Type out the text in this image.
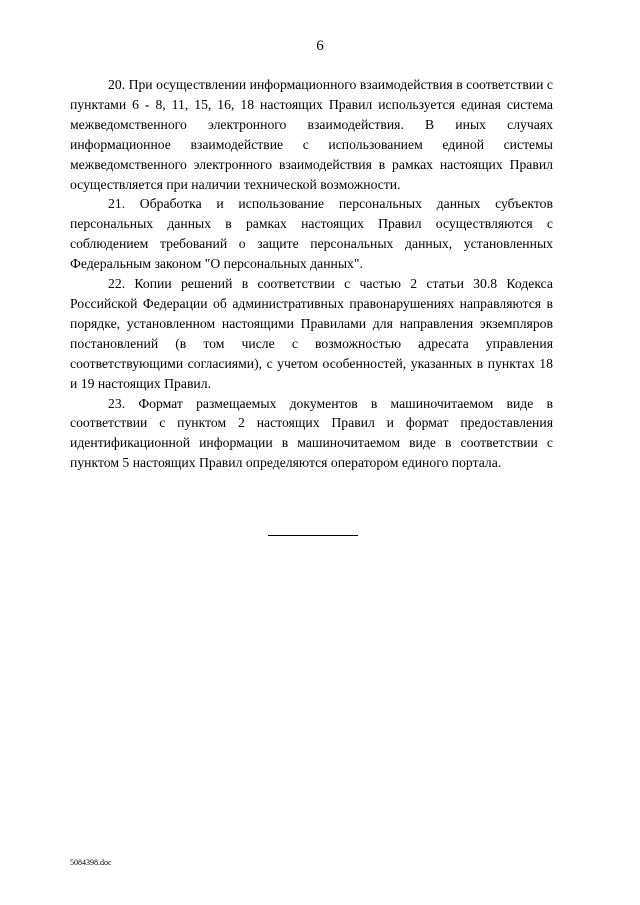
6

20. При осуществлении информационного взаимодействия в соответствии с пунктами 6 - 8, 11, 15, 16, 18 настоящих Правил используется единая система межведомственного электронного взаимодействия. В иных случаях информационное взаимодействие с использованием единой системы межведомственного электронного взаимодействия в рамках настоящих Правил осуществляется при наличии технической возможности.

21. Обработка и использование персональных данных субъектов персональных данных в рамках настоящих Правил осуществляются с соблюдением требований о защите персональных данных, установленных Федеральным законом "О персональных данных".

22. Копии решений в соответствии с частью 2 статьи 30.8 Кодекса Российской Федерации об административных правонарушениях направляются в порядке, установленном настоящими Правилами для направления экземпляров постановлений (в том числе с возможностью адресата управления соответствующими согласиями), с учетом особенностей, указанных в пунктах 18 и 19 настоящих Правил.

23. Формат размещаемых документов в машиночитаемом виде в соответствии с пунктом 2 настоящих Правил и формат предоставления идентификационной информации в машиночитаемом виде в соответствии с пунктом 5 настоящих Правил определяются оператором единого портала.

5084398.doc
